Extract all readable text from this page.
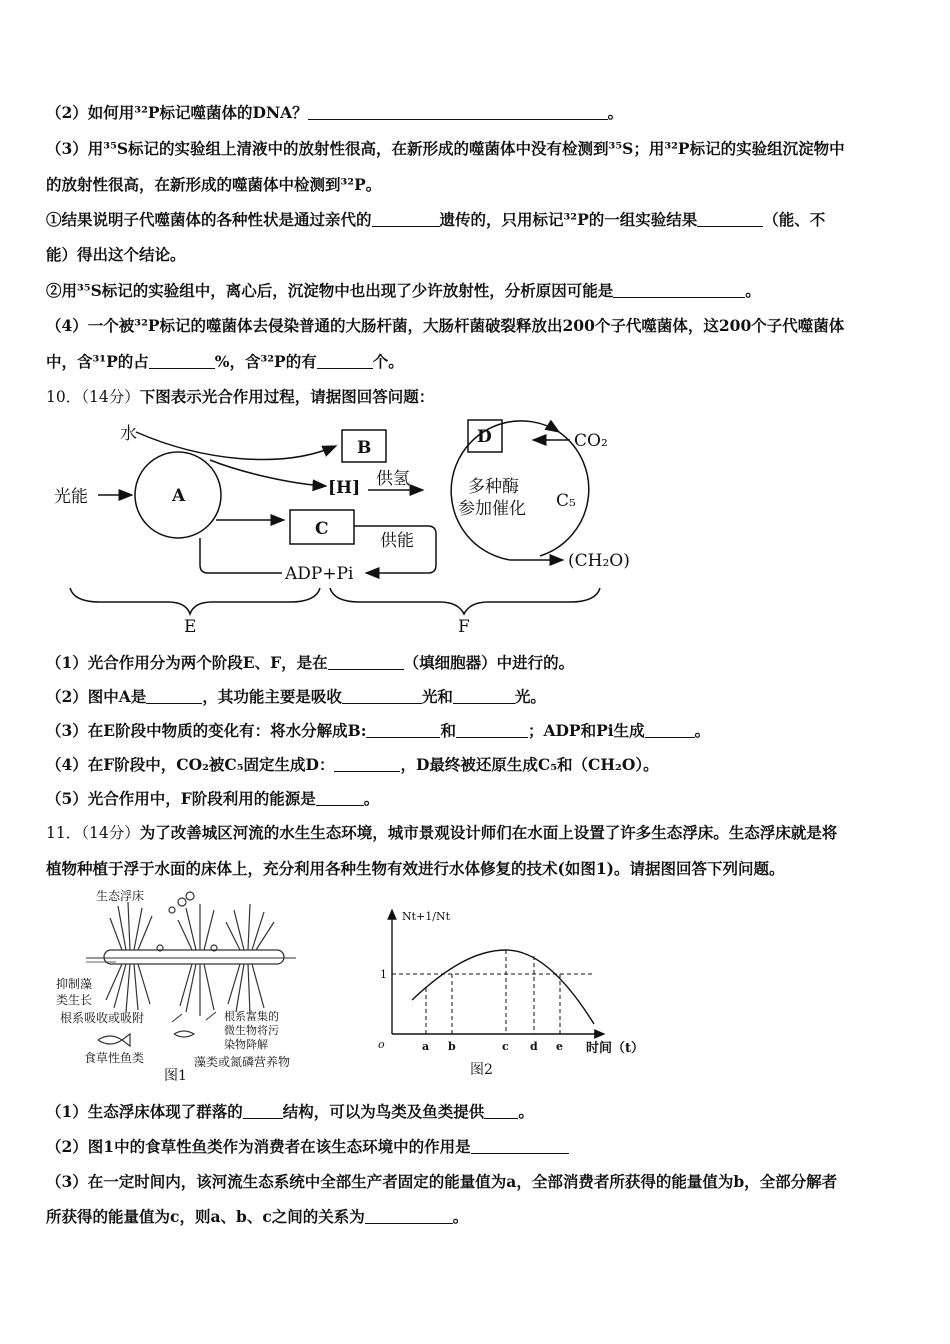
（2）如何用³²P标记噬菌体的DNA？	。
（3）用³⁵S标记的实验组上清液中的放射性很高，在新形成的噬菌体中没有检测到³⁵S；用³²P标记的实验组沉淀物中
的放射性很高，在新形成的噬菌体中检测到³²P。
①结果说明子代噬菌体的各种性状是通过亲代的	遗传的，只用标记³²P的一组实验结果	（能、不
能）得出这个结论。
②用³⁵S标记的实验组中，离心后，沉淀物中也出现了少许放射性，分析原因可能是	。
（4）一个被³²P标记的噬菌体去侵染普通的大肠杆菌，大肠杆菌破裂释放出200个子代噬菌体，这200个子代噬菌体
中，含³¹P的占	%，含³²P的有	个。
10．（14分）下图表示光合作用过程，请据图回答问题：
水
光能	A
B
[H] 供氢
C
供能
ADP+Pi
D	CO₂
C₅
(CH₂O)
多种酶
参加催化
E	F
（1）光合作用分为两个阶段E、F，是在	（填细胞器）中进行的。
（2）图中A是	，其功能主要是吸收	光和	光。
（3）在E阶段中物质的变化有：将水分解成B:	和	；ADP和Pi生成	。
（4）在F阶段中，CO₂被C₅固定生成D：	，D最终被还原生成C₅和（CH₂O）。
（5）光合作用中，F阶段利用的能源是	。
11．（14分）为了改善城区河流的水生生态环境，城市景观设计师们在水面上设置了许多生态浮床。生态浮床就是将
植物种植于浮于水面的床体上，充分利用各种生物有效进行水体修复的技术(如图1)。请据图回答下列问题。
生态浮床
抑制藻
类生长
根系吸收或吸附	根系富集的
微生物将污
染物降解
食草性鱼类	藻类或氮磷营养物
图1
Nt+1/Nt
1
o	a b	c d e 时间（t）
图2
（1）生态浮床体现了群落的	结构，可以为鸟类及鱼类提供 。
（2）图1中的食草性鱼类作为消费者在该生态环境中的作用是
（3）在一定时间内，该河流生态系统中全部生产者固定的能量值为a，全部消费者所获得的能量值为b，全部分解者
所获得的能量值为c，则a、b、c之间的关系为	。
